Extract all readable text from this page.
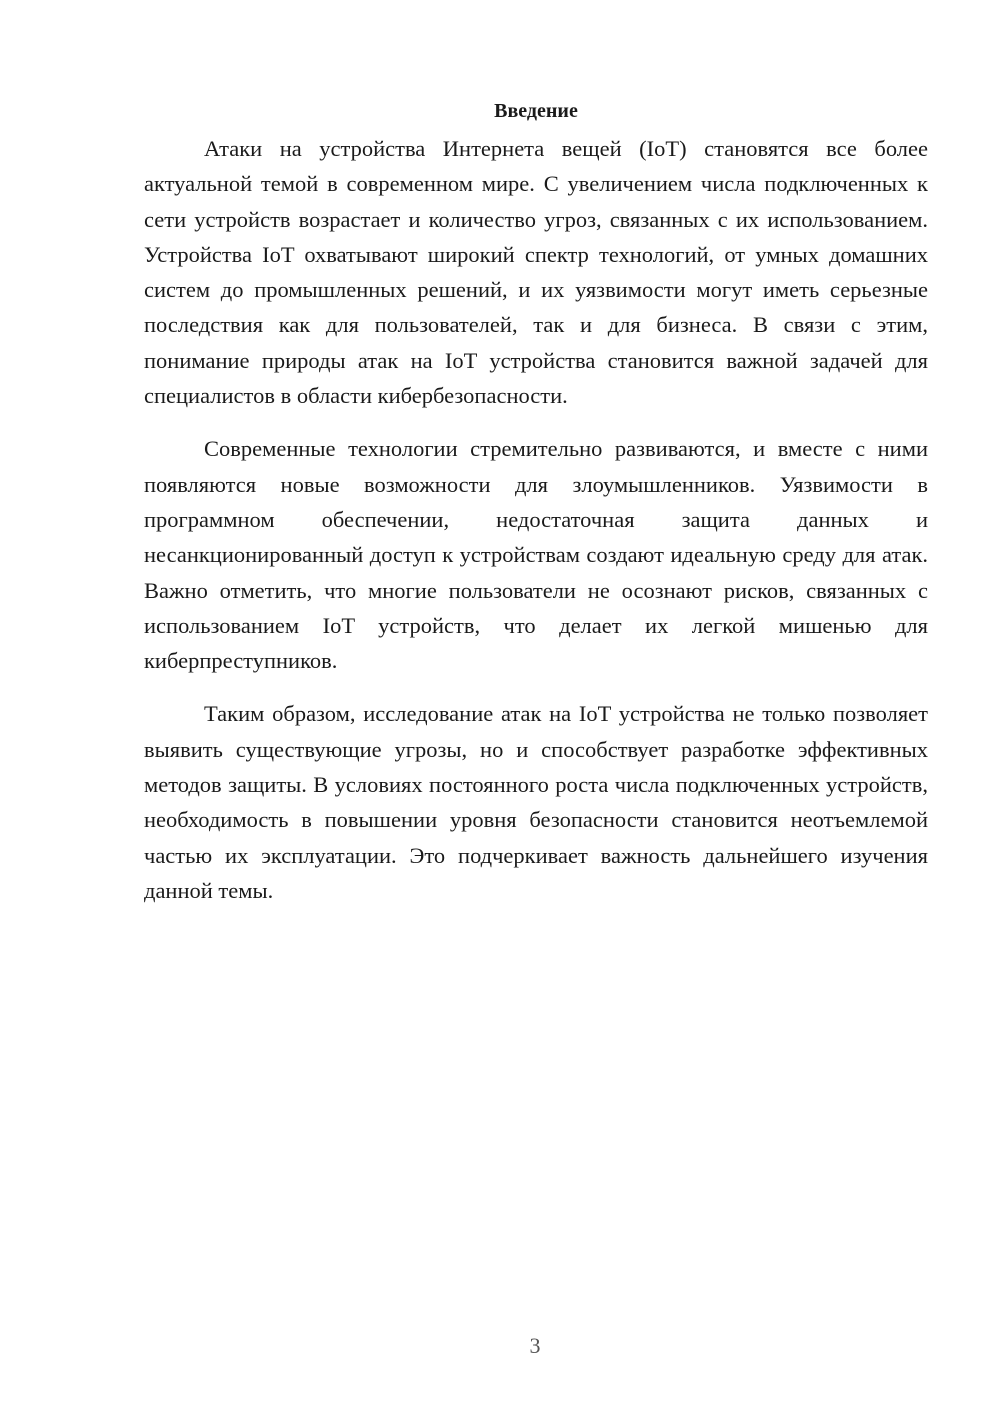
Введение

Атаки на устройства Интернета вещей (IoT) становятся все более актуальной темой в современном мире. С увеличением числа подключенных к сети устройств возрастает и количество угроз, связанных с их использованием. Устройства IoT охватывают широкий спектр технологий, от умных домашних систем до промышленных решений, и их уязвимости могут иметь серьезные последствия как для пользователей, так и для бизнеса. В связи с этим, понимание природы атак на IoT устройства становится важной задачей для специалистов в области кибербезопасности.

Современные технологии стремительно развиваются, и вместе с ними появляются новые возможности для злоумышленников. Уязвимости в программном обеспечении, недостаточная защита данных и несанкционированный доступ к устройствам создают идеальную среду для атак. Важно отметить, что многие пользователи не осознают рисков, связанных с использованием IoT устройств, что делает их легкой мишенью для киберпреступников.

Таким образом, исследование атак на IoT устройства не только позволяет выявить существующие угрозы, но и способствует разработке эффективных методов защиты. В условиях постоянного роста числа подключенных устройств, необходимость в повышении уровня безопасности становится неотъемлемой частью их эксплуатации. Это подчеркивает важность дальнейшего изучения данной темы.

3
